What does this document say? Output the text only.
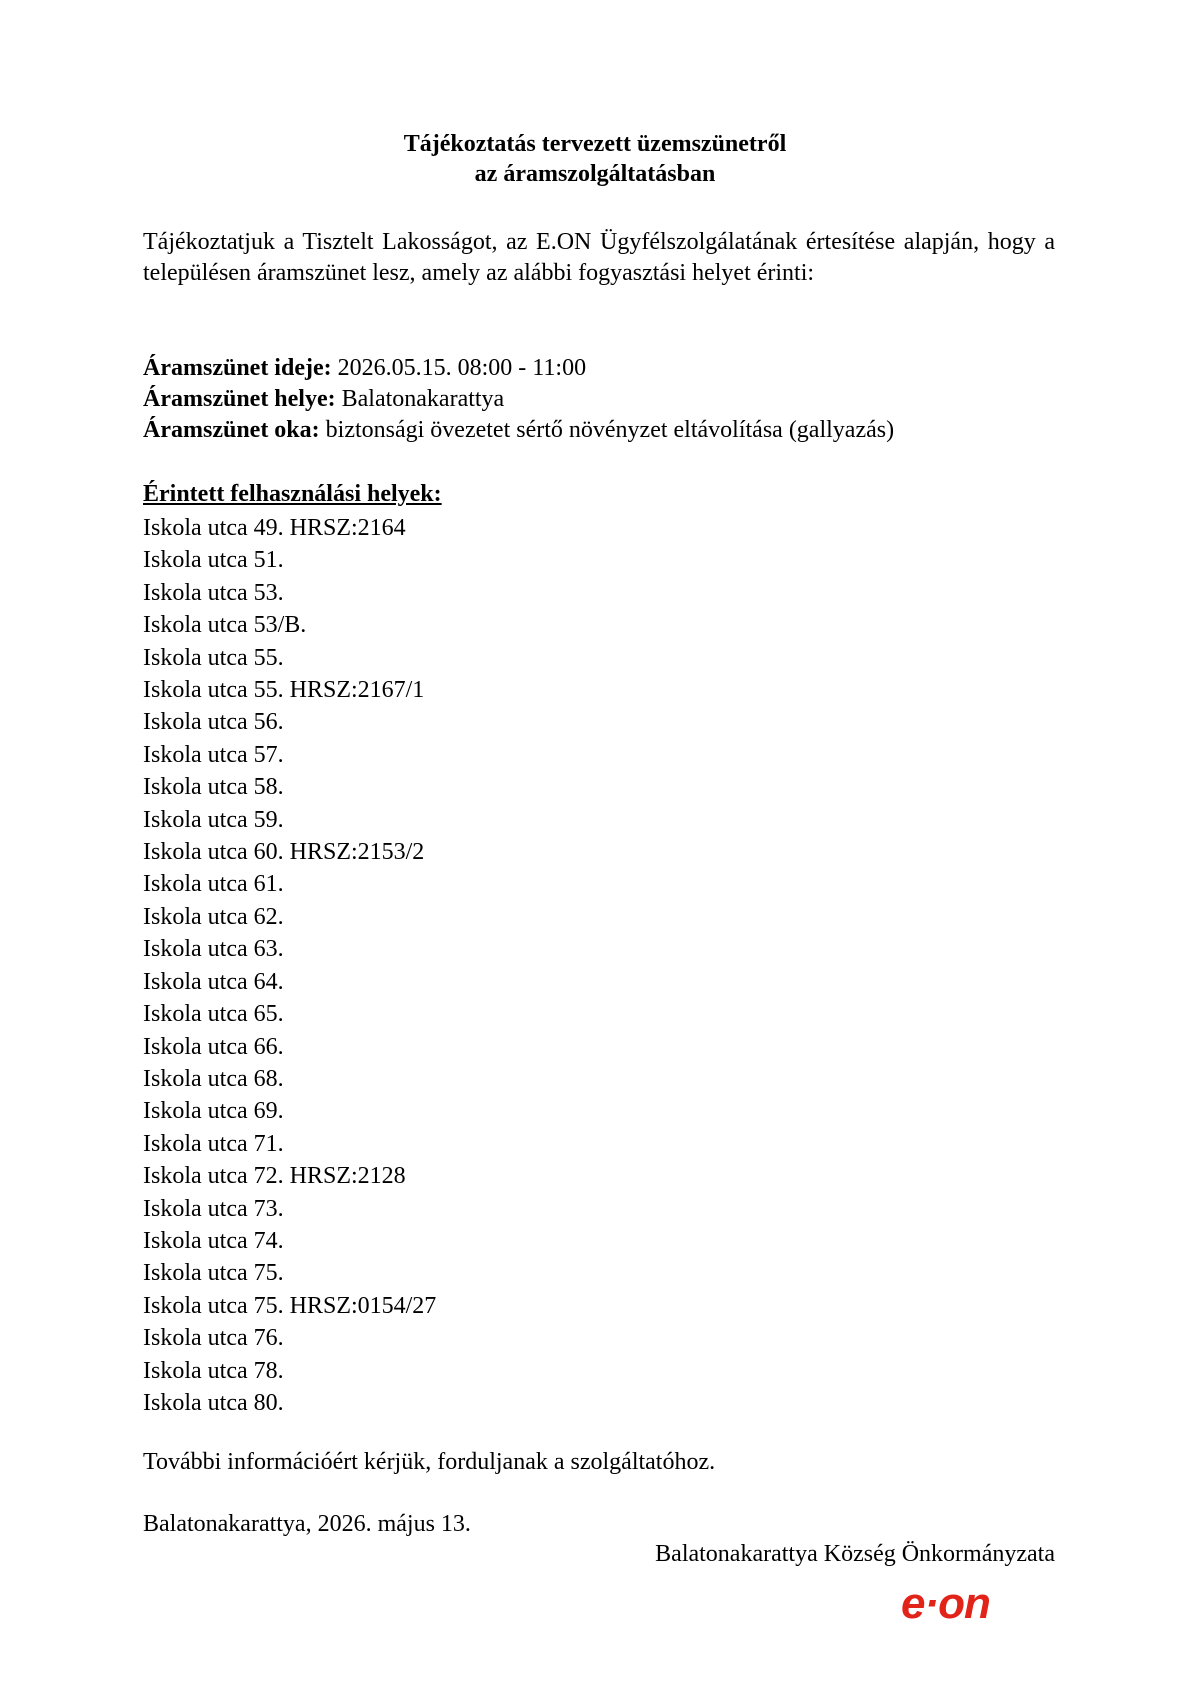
Tájékoztatás tervezett üzemszünetről
az áramszolgáltatásban

Tájékoztatjuk a Tisztelt Lakosságot, az E.ON Ügyfélszolgálatának értesítése alapján, hogy a településen áramszünet lesz, amely az alábbi fogyasztási helyet érinti:

Áramszünet ideje: 2026.05.15. 08:00 - 11:00
Áramszünet helye: Balatonakarattya
Áramszünet oka: biztonsági övezetet sértő növényzet eltávolítása (gallyazás)
Érintett felhasználási helyek:
Iskola utca 49. HRSZ:2164
Iskola utca 51.
Iskola utca 53.
Iskola utca 53/B.
Iskola utca 55.
Iskola utca 55. HRSZ:2167/1
Iskola utca 56.
Iskola utca 57.
Iskola utca 58.
Iskola utca 59.
Iskola utca 60. HRSZ:2153/2
Iskola utca 61.
Iskola utca 62.
Iskola utca 63.
Iskola utca 64.
Iskola utca 65.
Iskola utca 66.
Iskola utca 68.
Iskola utca 69.
Iskola utca 71.
Iskola utca 72. HRSZ:2128
Iskola utca 73.
Iskola utca 74.
Iskola utca 75.
Iskola utca 75. HRSZ:0154/27
Iskola utca 76.
Iskola utca 78.
Iskola utca 80.

További információért kérjük, forduljanak a szolgáltatóhoz.

Balatonakarattya, 2026. május 13.

Balatonakarattya Község Önkormányzata

e·on
